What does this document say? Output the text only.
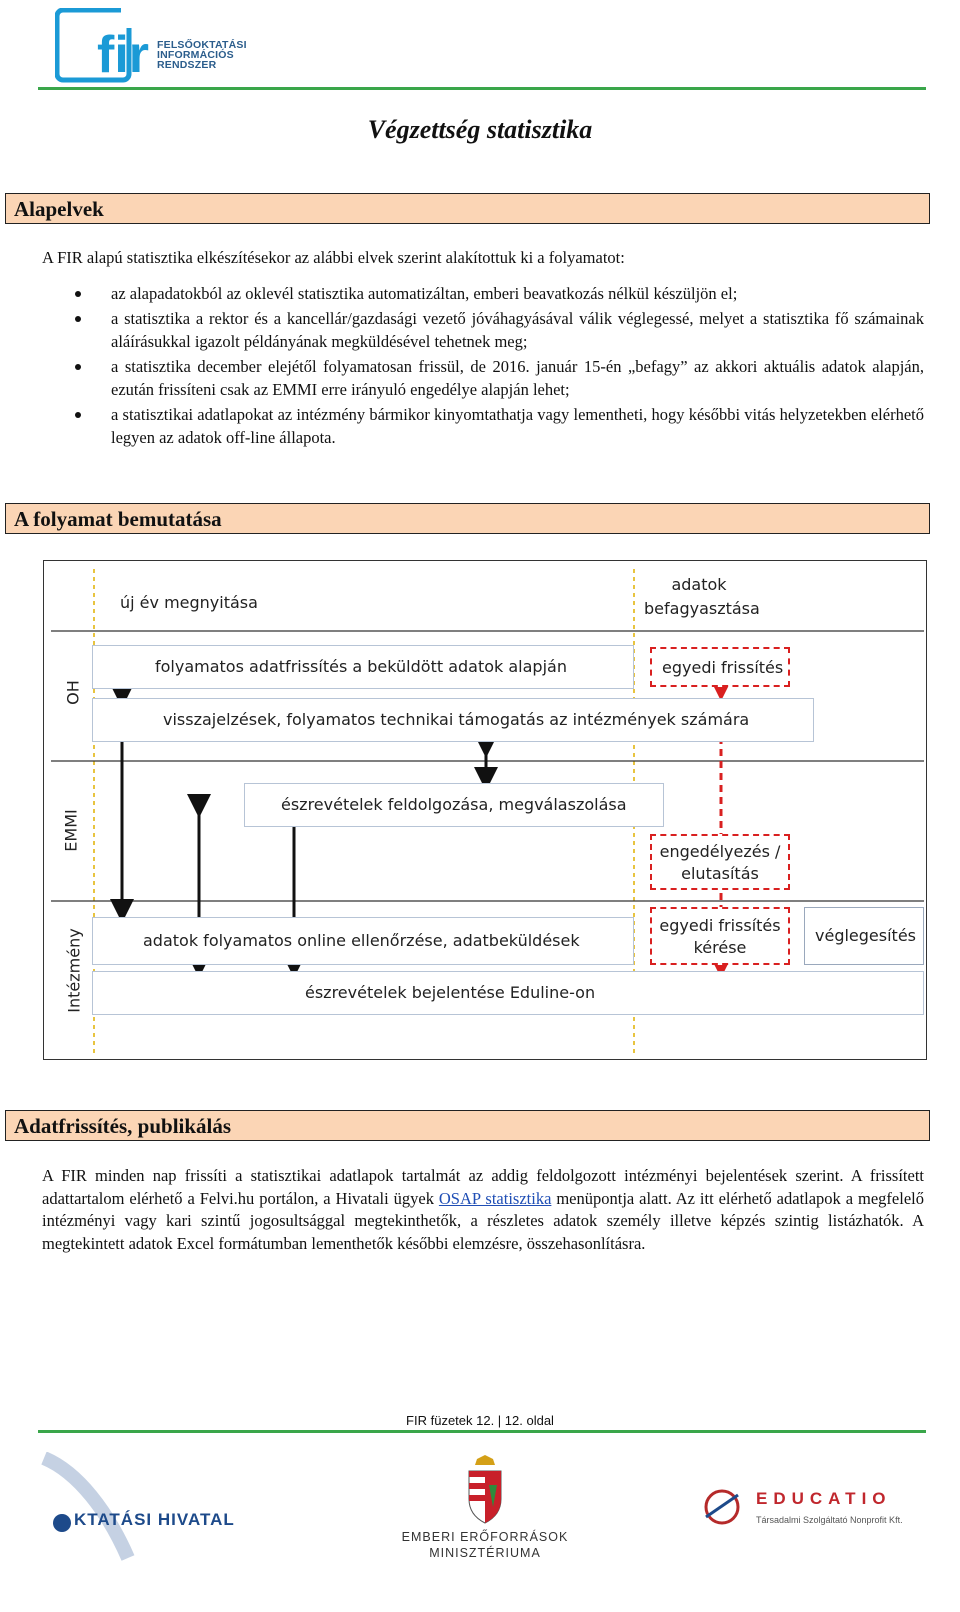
fir FELSŐOKTATÁSI
INFORMÁCIÓS
RENDSZER
Végzettség statisztika
Alapelvek
A FIR alapú statisztika elkészítésekor az alábbi elvek szerint alakítottuk ki a folyamatot:
az alapadatokból az oklevél statisztika automatizáltan, emberi beavatkozás nélkül készüljön el;
a statisztika a rektor és a kancellár/gazdasági vezető jóváhagyásával válik véglegessé, melyet a statisztika fő számainak aláírásukkal igazolt példányának megküldésével tehetnek meg;
a statisztika december elejétől folyamatosan frissül, de 2016. január 15-én „befagy” az akkori aktuális adatok alapján, ezután frissíteni csak az EMMI erre irányuló engedélye alapján lehet;
a statisztikai adatlapokat az intézmény bármikor kinyomtathatja vagy lementheti, hogy későbbi vitás helyzetekben elérhető legyen az adatok off-line állapota.
A folyamat bemutatása
új év megnyitása
adatok
befagyasztása
OH
EMMI
Intézmény
folyamatos adatfrissítés a beküldött adatok alapján	egyedi frissítés
visszajelzések, folyamatos technikai támogatás az intézmények számára
észrevételek feldolgozása, megválaszolása
engedélyezés /
elutasítás
adatok folyamatos online ellenőrzése, adatbeküldések
egyedi frissítés
kérése
véglegesítés
észrevételek bejelentése Eduline-on
Adatfrissítés, publikálás
A FIR minden nap frissíti a statisztikai adatlapok tartalmát az addig feldolgozott intézményi bejelentések szerint. A frissített adattartalom elérhető a Felvi.hu portálon, a Hivatali ügyek OSAP statisztika menüpontja alatt. Az itt elérhető adatlapok a megfelelő intézményi vagy kari szintű jogosultsággal megtekinthetők, a részletes adatok személy illetve képzés szintig listázhatók. A megtekintett adatok Excel formátumban lementhetők későbbi elemzésre, összehasonlításra.
FIR füzetek 12. | 12. oldal
KTATÁSI HIVATAL
EMBERI ERŐFORRÁSOK
MINISZTÉRIUMA
EDUCATIO
Társadalmi Szolgáltató Nonprofit Kft.
